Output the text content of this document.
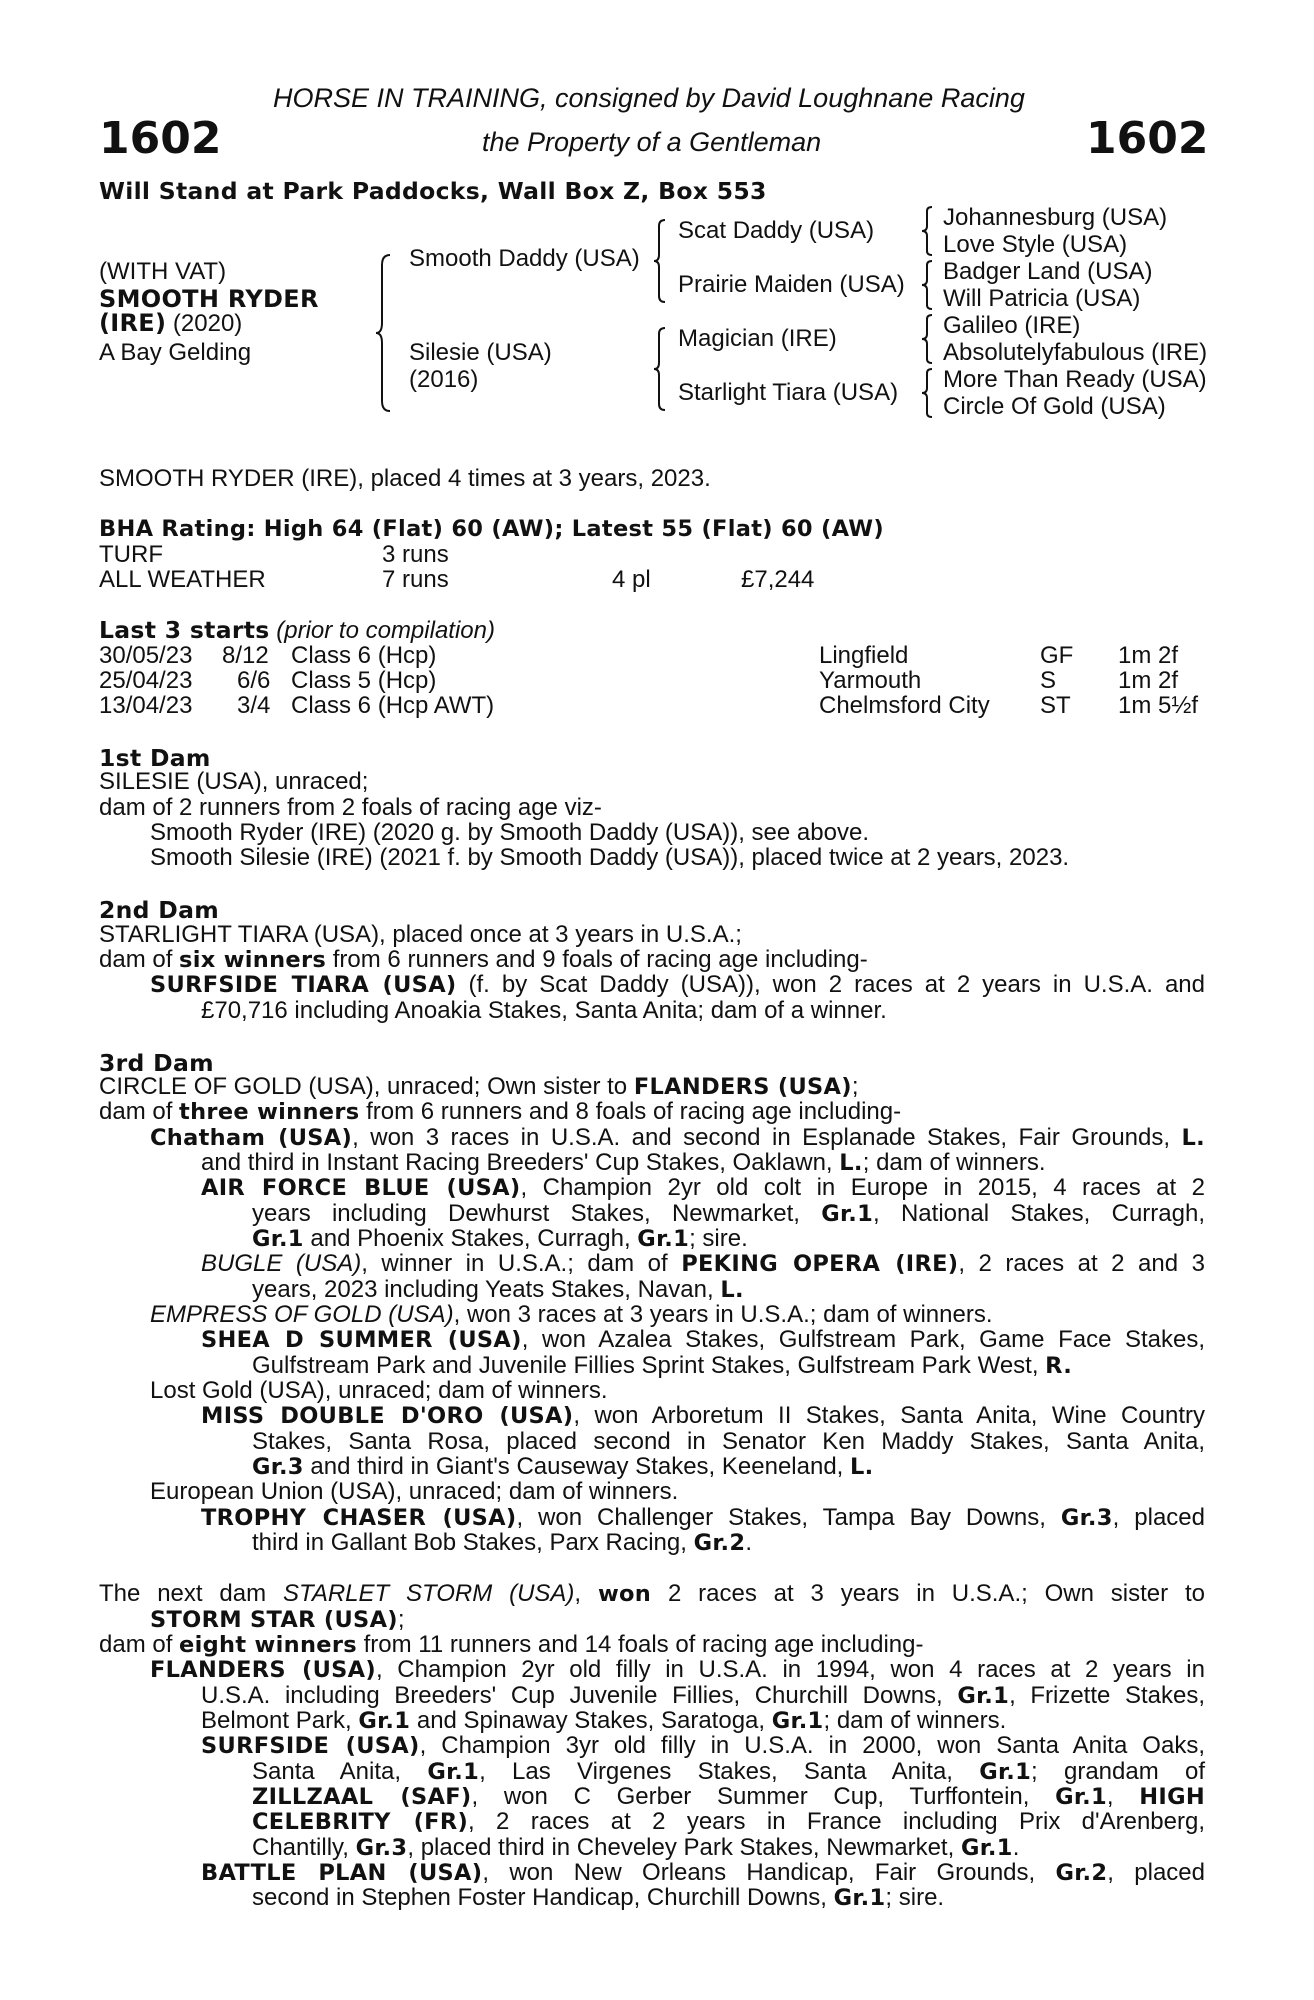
HORSE IN TRAINING, consigned by David Loughnane Racing
1602	the Property of a Gentleman	1602
Will Stand at Park Paddocks, Wall Box Z, Box 553
(WITH VAT)
SMOOTH RYDER
(IRE) (2020)
A Bay Gelding
Smooth Daddy (USA)
Silesie (USA)
(2016)
Scat Daddy (USA)
Prairie Maiden (USA)
Magician (IRE)
Starlight Tiara (USA)
Johannesburg (USA)
Love Style (USA)
Badger Land (USA)
Will Patricia (USA)
Galileo (IRE)
Absolutelyfabulous (IRE)
More Than Ready (USA)
Circle Of Gold (USA)
SMOOTH RYDER (IRE), placed 4 times at 3 years, 2023.
BHA Rating: High 64 (Flat) 60 (AW); Latest 55 (Flat) 60 (AW)
TURF	3 runs
ALL WEATHER	7 runs	4 pl	£7,244
Last 3 starts (prior to compilation)
30/05/23 8/12 Class 6 (Hcp)	Lingfield	GF 1m 2f
25/04/23 6/6 Class 5 (Hcp)	Yarmouth	S	1m 2f
13/04/23 3/4 Class 6 (Hcp AWT)	Chelmsford City ST 1m 5½f
1st Dam
SILESIE (USA), unraced;
dam of 2 runners from 2 foals of racing age viz-
Smooth Ryder (IRE) (2020 g. by Smooth Daddy (USA)), see above.
Smooth Silesie (IRE) (2021 f. by Smooth Daddy (USA)), placed twice at 2 years, 2023.
2nd Dam
STARLIGHT TIARA (USA), placed once at 3 years in U.S.A.;
dam of six winners from 6 runners and 9 foals of racing age including-
SURFSIDE TIARA (USA) (f. by Scat Daddy (USA)), won 2 races at 2 years in U.S.A. and
£70,716 including Anoakia Stakes, Santa Anita; dam of a winner.
3rd Dam
CIRCLE OF GOLD (USA), unraced; Own sister to FLANDERS (USA);
dam of three winners from 6 runners and 8 foals of racing age including-
Chatham (USA), won 3 races in U.S.A. and second in Esplanade Stakes, Fair Grounds, L.
and third in Instant Racing Breeders' Cup Stakes, Oaklawn, L.; dam of winners.
AIR FORCE BLUE (USA), Champion 2yr old colt in Europe in 2015, 4 races at 2
years including Dewhurst Stakes, Newmarket, Gr.1, National Stakes, Curragh,
Gr.1 and Phoenix Stakes, Curragh, Gr.1; sire.
BUGLE (USA), winner in U.S.A.; dam of PEKING OPERA (IRE), 2 races at 2 and 3
years, 2023 including Yeats Stakes, Navan, L.
EMPRESS OF GOLD (USA), won 3 races at 3 years in U.S.A.; dam of winners.
SHEA D SUMMER (USA), won Azalea Stakes, Gulfstream Park, Game Face Stakes,
Gulfstream Park and Juvenile Fillies Sprint Stakes, Gulfstream Park West, R.
Lost Gold (USA), unraced; dam of winners.
MISS DOUBLE D'ORO (USA), won Arboretum II Stakes, Santa Anita, Wine Country
Stakes, Santa Rosa, placed second in Senator Ken Maddy Stakes, Santa Anita,
Gr.3 and third in Giant's Causeway Stakes, Keeneland, L.
European Union (USA), unraced; dam of winners.
TROPHY CHASER (USA), won Challenger Stakes, Tampa Bay Downs, Gr.3, placed
third in Gallant Bob Stakes, Parx Racing, Gr.2.
The next dam STARLET STORM (USA), won 2 races at 3 years in U.S.A.; Own sister to
STORM STAR (USA);
dam of eight winners from 11 runners and 14 foals of racing age including-
FLANDERS (USA), Champion 2yr old filly in U.S.A. in 1994, won 4 races at 2 years in
U.S.A. including Breeders' Cup Juvenile Fillies, Churchill Downs, Gr.1, Frizette Stakes,
Belmont Park, Gr.1 and Spinaway Stakes, Saratoga, Gr.1; dam of winners.
SURFSIDE (USA), Champion 3yr old filly in U.S.A. in 2000, won Santa Anita Oaks,
Santa Anita, Gr.1, Las Virgenes Stakes, Santa Anita, Gr.1; grandam of
ZILLZAAL (SAF), won C Gerber Summer Cup, Turffontein, Gr.1, HIGH
CELEBRITY (FR), 2 races at 2 years in France including Prix d'Arenberg,
Chantilly, Gr.3, placed third in Cheveley Park Stakes, Newmarket, Gr.1.
BATTLE PLAN (USA), won New Orleans Handicap, Fair Grounds, Gr.2, placed
second in Stephen Foster Handicap, Churchill Downs, Gr.1; sire.
